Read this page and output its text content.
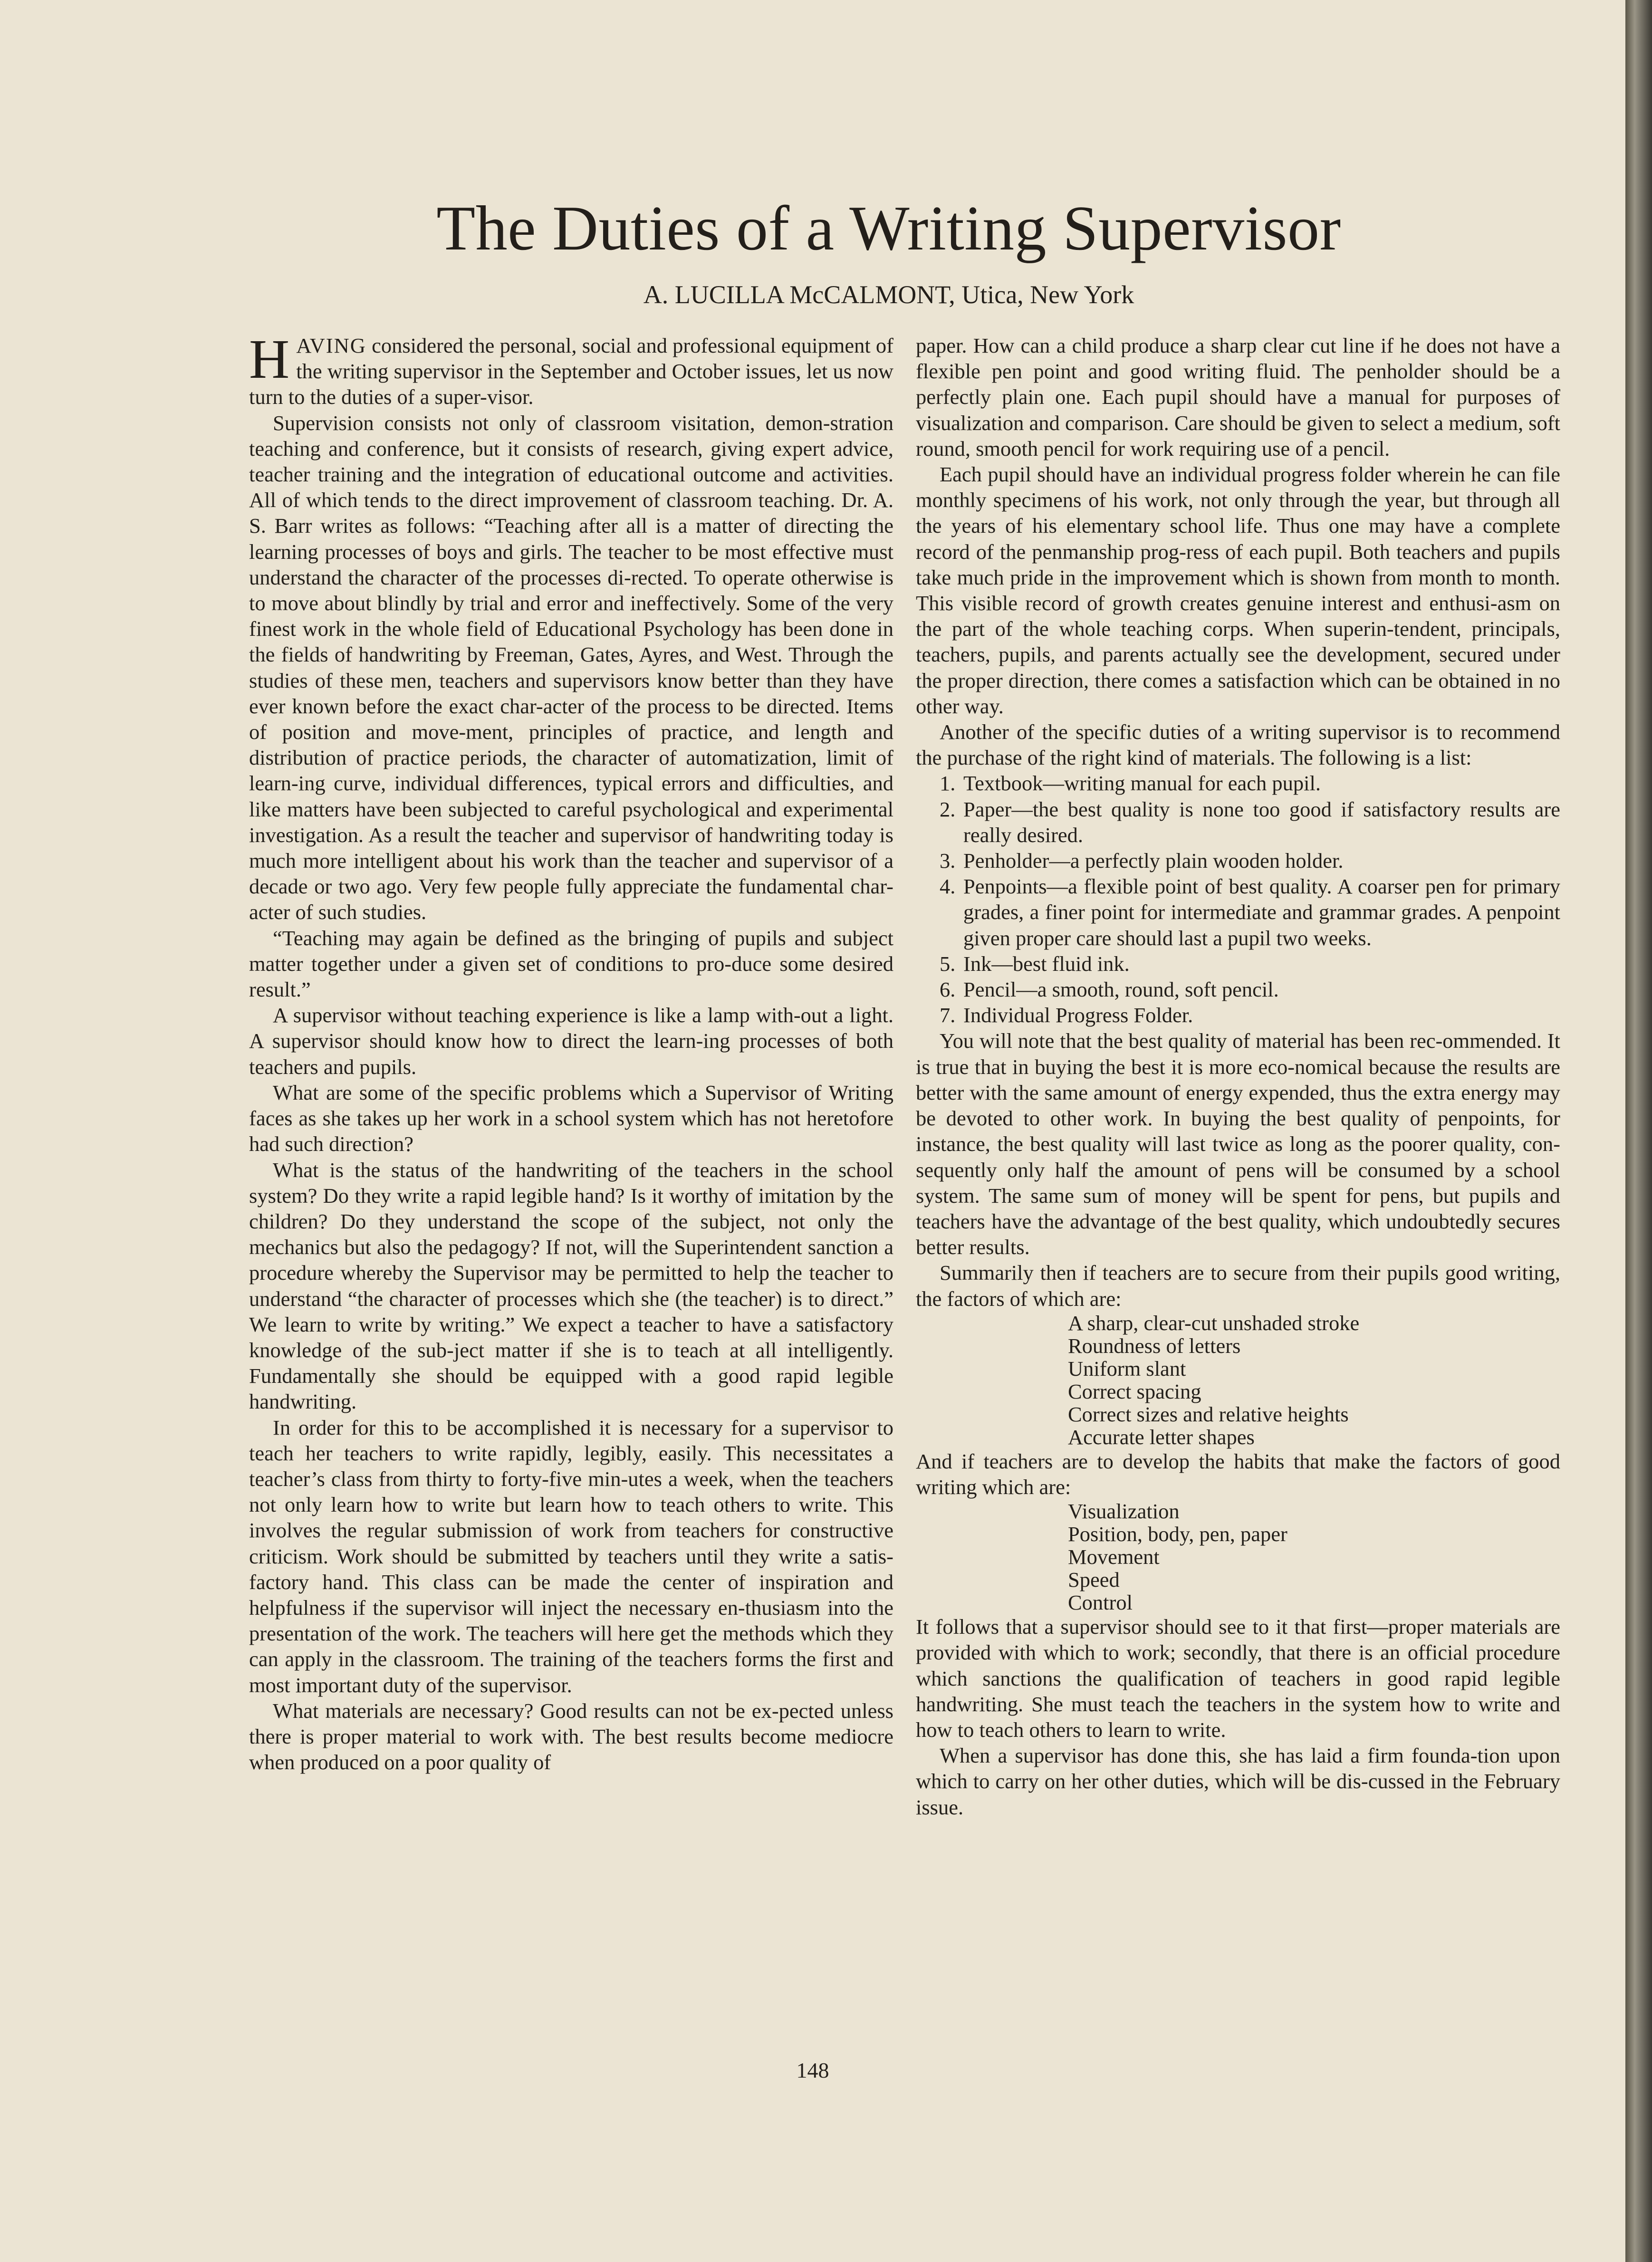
The Duties of a Writing Supervisor
A. LUCILLA McCALMONT, Utica, New York

HAVING considered the personal, social and professional equipment of the writing supervisor in the September and October issues, let us now turn to the duties of a super-visor.

Supervision consists not only of classroom visitation, demon-stration teaching and conference, but it consists of research, giving expert advice, teacher training and the integration of educational outcome and activities. All of which tends to the direct improvement of classroom teaching. Dr. A. S. Barr writes as follows: “Teaching after all is a matter of directing the learning processes of boys and girls. The teacher to be most effective must understand the character of the processes di-rected. To operate otherwise is to move about blindly by trial and error and ineffectively. Some of the very finest work in the whole field of Educational Psychology has been done in the fields of handwriting by Freeman, Gates, Ayres, and West. Through the studies of these men, teachers and supervisors know better than they have ever known before the exact char-acter of the process to be directed. Items of position and move-ment, principles of practice, and length and distribution of practice periods, the character of automatization, limit of learn-ing curve, individual differences, typical errors and difficulties, and like matters have been subjected to careful psychological and experimental investigation. As a result the teacher and supervisor of handwriting today is much more intelligent about his work than the teacher and supervisor of a decade or two ago. Very few people fully appreciate the fundamental char-acter of such studies.

“Teaching may again be defined as the bringing of pupils and subject matter together under a given set of conditions to pro-duce some desired result.”

A supervisor without teaching experience is like a lamp with-out a light. A supervisor should know how to direct the learn-ing processes of both teachers and pupils.

What are some of the specific problems which a Supervisor of Writing faces as she takes up her work in a school system which has not heretofore had such direction?

What is the status of the handwriting of the teachers in the school system? Do they write a rapid legible hand? Is it worthy of imitation by the children? Do they understand the scope of the subject, not only the mechanics but also the pedagogy? If not, will the Superintendent sanction a procedure whereby the Supervisor may be permitted to help the teacher to understand “the character of processes which she (the teacher) is to direct.” We learn to write by writing.” We expect a teacher to have a satisfactory knowledge of the sub-ject matter if she is to teach at all intelligently. Fundamentally she should be equipped with a good rapid legible handwriting.

In order for this to be accomplished it is necessary for a supervisor to teach her teachers to write rapidly, legibly, easily. This necessitates a teacher’s class from thirty to forty-five min-utes a week, when the teachers not only learn how to write but learn how to teach others to write. This involves the regular submission of work from teachers for constructive criticism. Work should be submitted by teachers until they write a satis-factory hand. This class can be made the center of inspiration and helpfulness if the supervisor will inject the necessary en-thusiasm into the presentation of the work. The teachers will here get the methods which they can apply in the classroom. The training of the teachers forms the first and most important duty of the supervisor.

What materials are necessary? Good results can not be ex-pected unless there is proper material to work with. The best results become mediocre when produced on a poor quality of

paper. How can a child produce a sharp clear cut line if he does not have a flexible pen point and good writing fluid. The penholder should be a perfectly plain one. Each pupil should have a manual for purposes of visualization and comparison. Care should be given to select a medium, soft round, smooth pencil for work requiring use of a pencil.

Each pupil should have an individual progress folder wherein he can file monthly specimens of his work, not only through the year, but through all the years of his elementary school life. Thus one may have a complete record of the penmanship prog-ress of each pupil. Both teachers and pupils take much pride in the improvement which is shown from month to month. This visible record of growth creates genuine interest and enthusi-asm on the part of the whole teaching corps. When superin-tendent, principals, teachers, pupils, and parents actually see the development, secured under the proper direction, there comes a satisfaction which can be obtained in no other way.

Another of the specific duties of a writing supervisor is to recommend the purchase of the right kind of materials. The following is a list:

1. Textbook—writing manual for each pupil.
2. Paper—the best quality is none too good if satisfactory results are really desired.
3. Penholder—a perfectly plain wooden holder.
4. Penpoints—a flexible point of best quality. A coarser pen for primary grades, a finer point for intermediate and grammar grades. A penpoint given proper care should last a pupil two weeks.
5. Ink—best fluid ink.
6. Pencil—a smooth, round, soft pencil.
7. Individual Progress Folder.

You will note that the best quality of material has been rec-ommended. It is true that in buying the best it is more eco-nomical because the results are better with the same amount of energy expended, thus the extra energy may be devoted to other work. In buying the best quality of penpoints, for instance, the best quality will last twice as long as the poorer quality, con-sequently only half the amount of pens will be consumed by a school system. The same sum of money will be spent for pens, but pupils and teachers have the advantage of the best quality, which undoubtedly secures better results.

Summarily then if teachers are to secure from their pupils good writing, the factors of which are:

A sharp, clear-cut unshaded stroke
Roundness of letters
Uniform slant
Correct spacing
Correct sizes and relative heights
Accurate letter shapes

And if teachers are to develop the habits that make the factors of good writing which are:

Visualization
Position, body, pen, paper
Movement
Speed
Control

It follows that a supervisor should see to it that first—proper materials are provided with which to work; secondly, that there is an official procedure which sanctions the qualification of teachers in good rapid legible handwriting. She must teach the teachers in the system how to write and how to teach others to learn to write.

When a supervisor has done this, she has laid a firm founda-tion upon which to carry on her other duties, which will be dis-cussed in the February issue.

148
